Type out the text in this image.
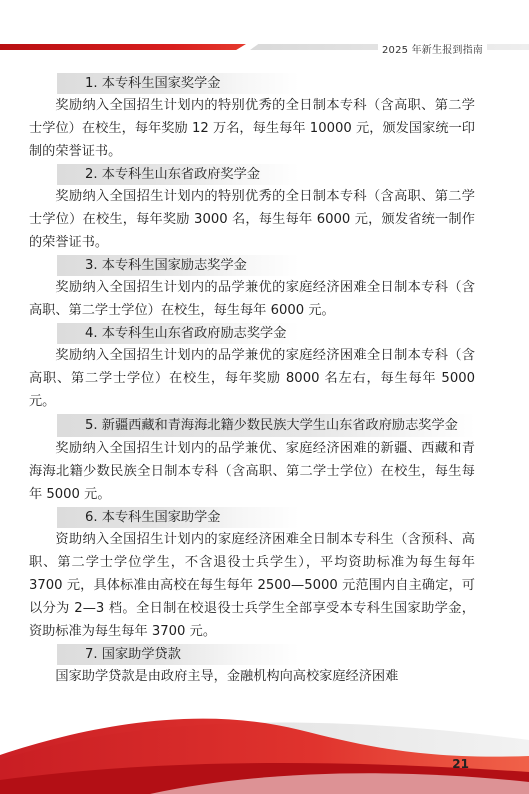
2025 年新生报到指南
1. 本专科生国家奖学金

奖励纳入全国招生计划内的特别优秀的全日制本专科（含高职、第二学士学位）在校生，每年奖励 12 万名，每生每年 10000 元，颁发国家统一印制的荣誉证书。

2. 本专科生山东省政府奖学金

奖励纳入全国招生计划内的特别优秀的全日制本专科（含高职、第二学士学位）在校生，每年奖励 3000 名，每生每年 6000 元，颁发省统一制作的荣誉证书。

3. 本专科生国家励志奖学金

奖励纳入全国招生计划内的品学兼优的家庭经济困难全日制本专科（含高职、第二学士学位）在校生，每生每年 6000 元。

4. 本专科生山东省政府励志奖学金

奖励纳入全国招生计划内的品学兼优的家庭经济困难全日制本专科（含高职、第二学士学位）在校生，每年奖励 8000 名左右，每生每年 5000 元。

5. 新疆西藏和青海海北籍少数民族大学生山东省政府励志奖学金

奖励纳入全国招生计划内的品学兼优、家庭经济困难的新疆、西藏和青海海北籍少数民族全日制本专科（含高职、第二学士学位）在校生，每生每年 5000 元。

6. 本专科生国家助学金

资助纳入全国招生计划内的家庭经济困难全日制本专科生（含预科、高职、第二学士学位学生，不含退役士兵学生），平均资助标准为每生每年 3700 元，具体标准由高校在每生每年 2500—5000 元范围内自主确定，可以分为 2—3 档。全日制在校退役士兵学生全部享受本专科生国家助学金，资助标准为每生每年 3700 元。

7. 国家助学贷款

国家助学贷款是由政府主导，金融机构向高校家庭经济困难

21
